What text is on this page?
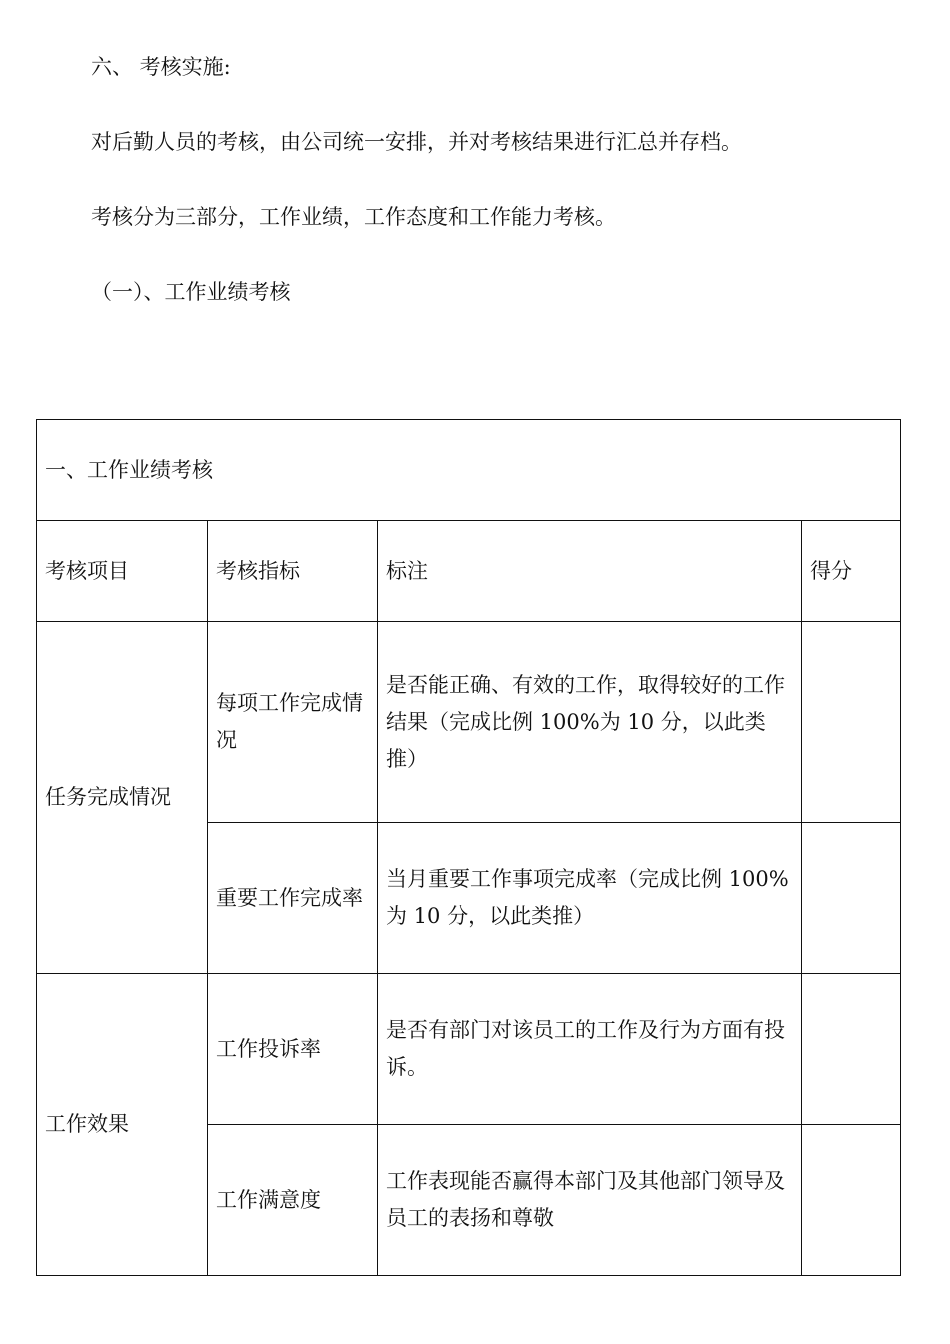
六、 考核实施:

对后勤人员的考核，由公司统一安排，并对考核结果进行汇总并存档。

考核分为三部分，工作业绩，工作态度和工作能力考核。

（一）、工作业绩考核

一、工作业绩考核			
考核项目	考核指标	标注	得分
任务完成情况	每项工作完成情况	是否能正确、有效的工作，取得较好的工作结果（完成比例 100%为 10 分，以此类推）	
	重要工作完成率	当月重要工作事项完成率（完成比例 100%为 10 分，以此类推）	
工作效果	工作投诉率	是否有部门对该员工的工作及行为方面有投诉。	
	工作满意度	工作表现能否赢得本部门及其他部门领导及员工的表扬和尊敬	
